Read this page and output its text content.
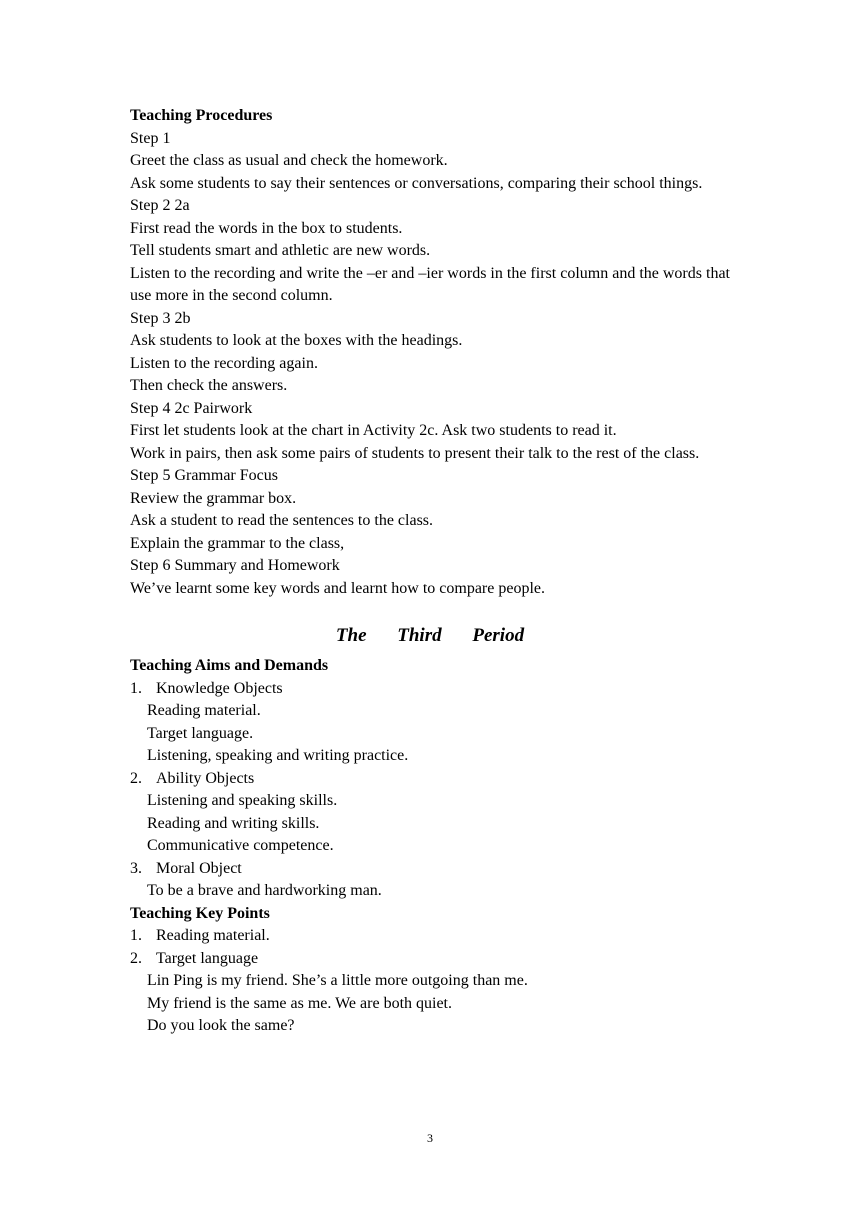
Teaching Procedures

Step 1

Greet the class as usual and check the homework.

Ask some students to say their sentences or conversations, comparing their school things.

Step 2 2a

First read the words in the box to students.

Tell students smart and athletic are new words.

Listen to the recording and write the –er and –ier words in the first column and the words that use more in the second column.

Step 3 2b

Ask students to look at the boxes with the headings.

Listen to the recording again.

Then check the answers.

Step 4 2c Pairwork

First let students look at the chart in Activity 2c. Ask two students to read it.

Work in pairs, then ask some pairs of students to present their talk to the rest of the class.

Step 5 Grammar Focus

Review the grammar box.

Ask a student to read the sentences to the class.

Explain the grammar to the class,

Step 6 Summary and Homework

We’ve learnt some key words and learnt how to compare people.

The Third Period

Teaching Aims and Demands

1. Knowledge Objects

Reading material.

Target language.

Listening, speaking and writing practice.

2. Ability Objects

Listening and speaking skills.

Reading and writing skills.

Communicative competence.

3. Moral Object

To be a brave and hardworking man.

Teaching Key Points

1. Reading material.

2. Target language

Lin Ping is my friend. She’s a little more outgoing than me.

My friend is the same as me. We are both quiet.

Do you look the same?

3
